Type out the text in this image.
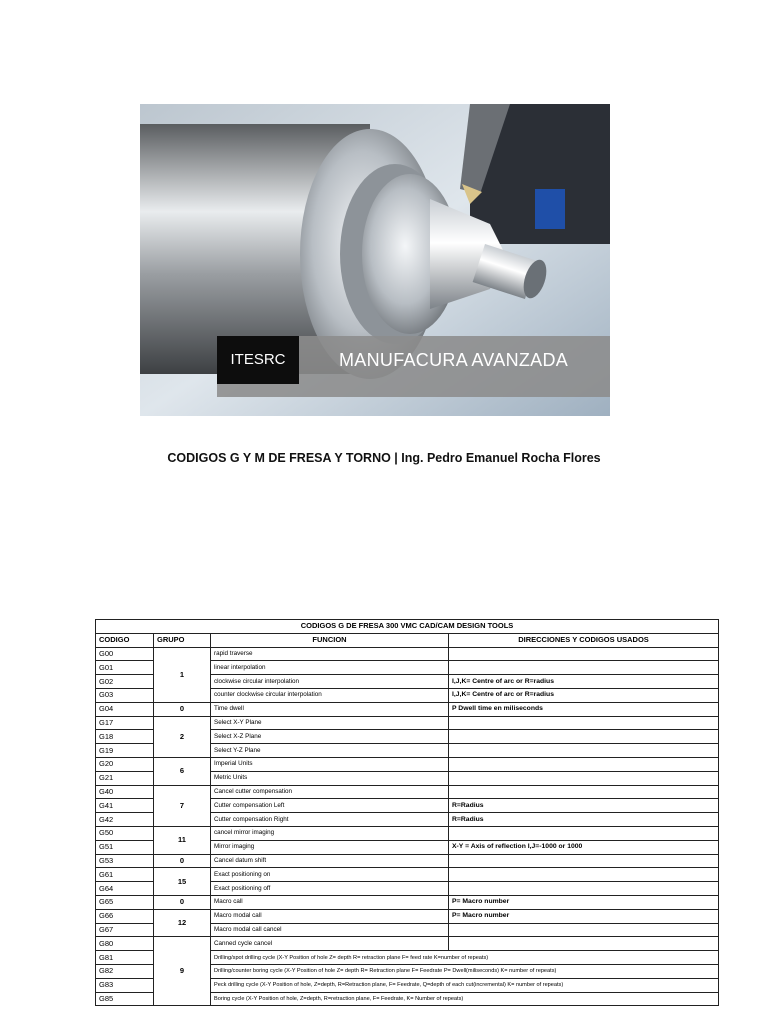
ITESRC	MANUFACURA AVANZADA
CODIGOS G Y M DE FRESA Y TORNO | Ing. Pedro Emanuel Rocha Flores
CODIGOS G DE FRESA 300 VMC CAD/CAM DESIGN TOOLS			
CODIGO	GRUPO	FUNCION	DIRECCIONES Y CODIGOS USADOS
G00	1	rapid traverse	
G01		linear interpolation	
G02		clockwise circular interpolation	I,J,K= Centre of arc or R=radius
G03		counter clockwise circular interpolation	I,J,K= Centre of arc or R=radius
G04	0	Time dwell	P Dwell time en miliseconds
G17	2	Select X-Y Plane	
G18		Select X-Z Plane	
G19		Select Y-Z Plane	
G20	6	Imperial Units	
G21		Metric Units	
G40	7	Cancel cutter compensation	
G41		Cutter compensation Left	R=Radius
G42		Cutter compensation Right	R=Radius
G50	11	cancel mirror imaging	
G51		Mirror imaging	X-Y = Axis of reflection I,J=-1000 or 1000
G53	0	Cancel datum shift	
G61	15	Exact positioning on	
G64		Exact positioning off	
G65	0	Macro call	P= Macro number
G66	12	Macro modal call	P= Macro number
G67		Macro modal call cancel	
G80	9	Canned cycle cancel	
G81		Drilling/spot drilling cycle (X-Y Position of hole Z= depth R= retraction plane F= feed rate K=number of repeats)	
G82		Drilling/counter boring cycle (X-Y Position of hole Z= depth R= Retraction plane F= Feedrate P= Dwell(miliseconds) K= number of repeats)	
G83		Peck drilling cycle (X-Y Position of hole, Z=depth, R=Retraction plane, F= Feedrate, Q=depth of each cut(incremental) K= number of repeats)	
G85		Boring cycle (X-Y Position of hole, Z=depth, R=retraction plane, F= Feedrate, K= Number of repeats)	
